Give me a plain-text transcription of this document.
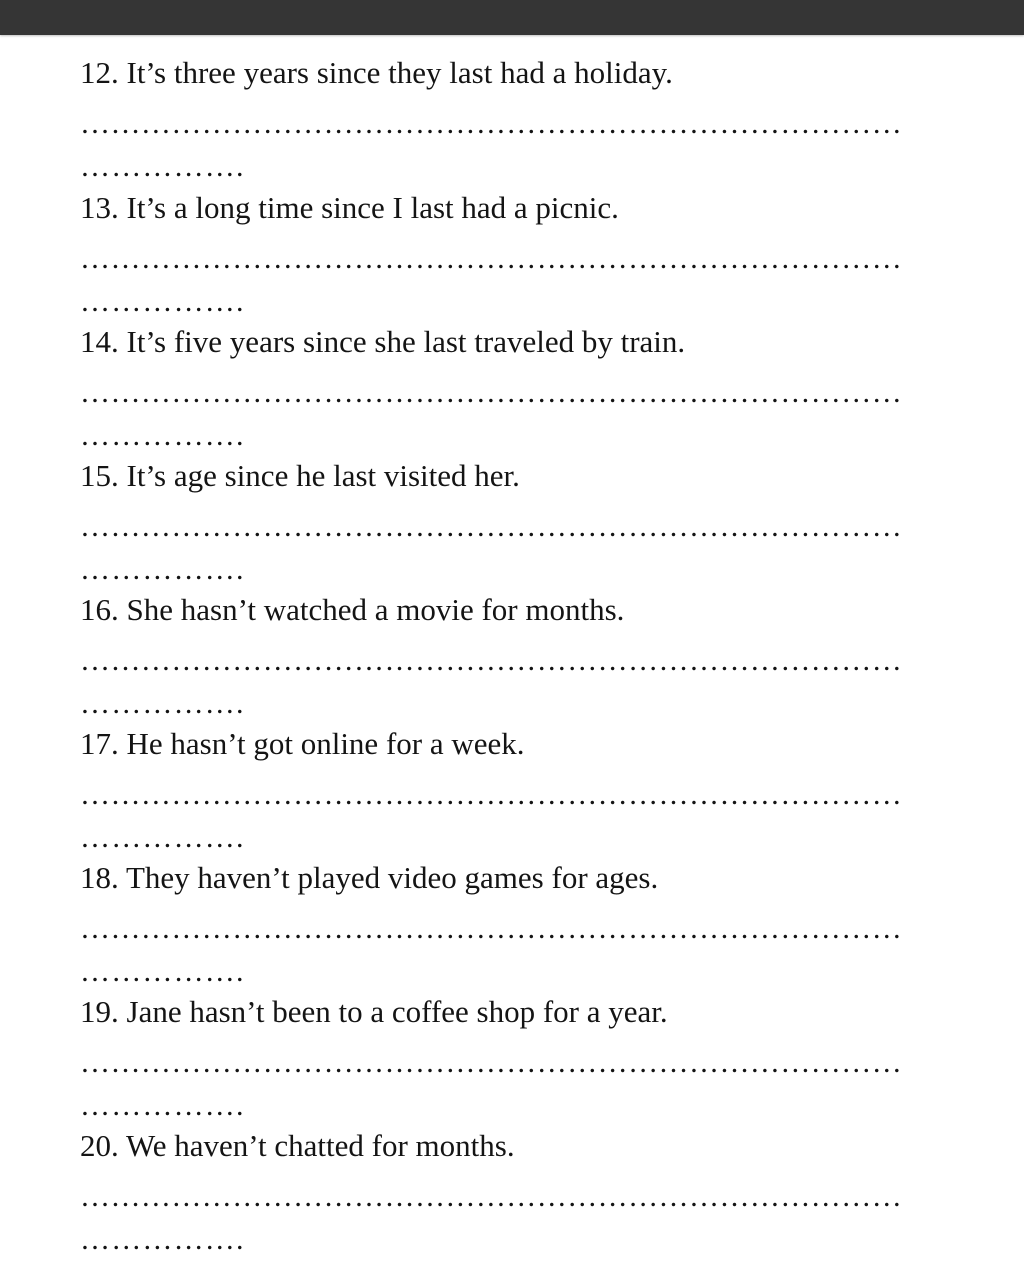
12. It’s three years since they last had a holiday.

………………………………………………………………………
…………….

13. It’s a long time since I last had a picnic.

………………………………………………………………………
…………….

14. It’s five years since she last traveled by train.

………………………………………………………………………
…………….

15. It’s age since he last visited her.

………………………………………………………………………
…………….

16. She hasn’t watched a movie for months.

………………………………………………………………………
…………….

17. He hasn’t got online for a week.

………………………………………………………………………
…………….

18. They haven’t played video games for ages.

………………………………………………………………………
…………….

19. Jane hasn’t been to a coffee shop for a year.

………………………………………………………………………
…………….

20. We haven’t chatted for months.

………………………………………………………………………
…………….
